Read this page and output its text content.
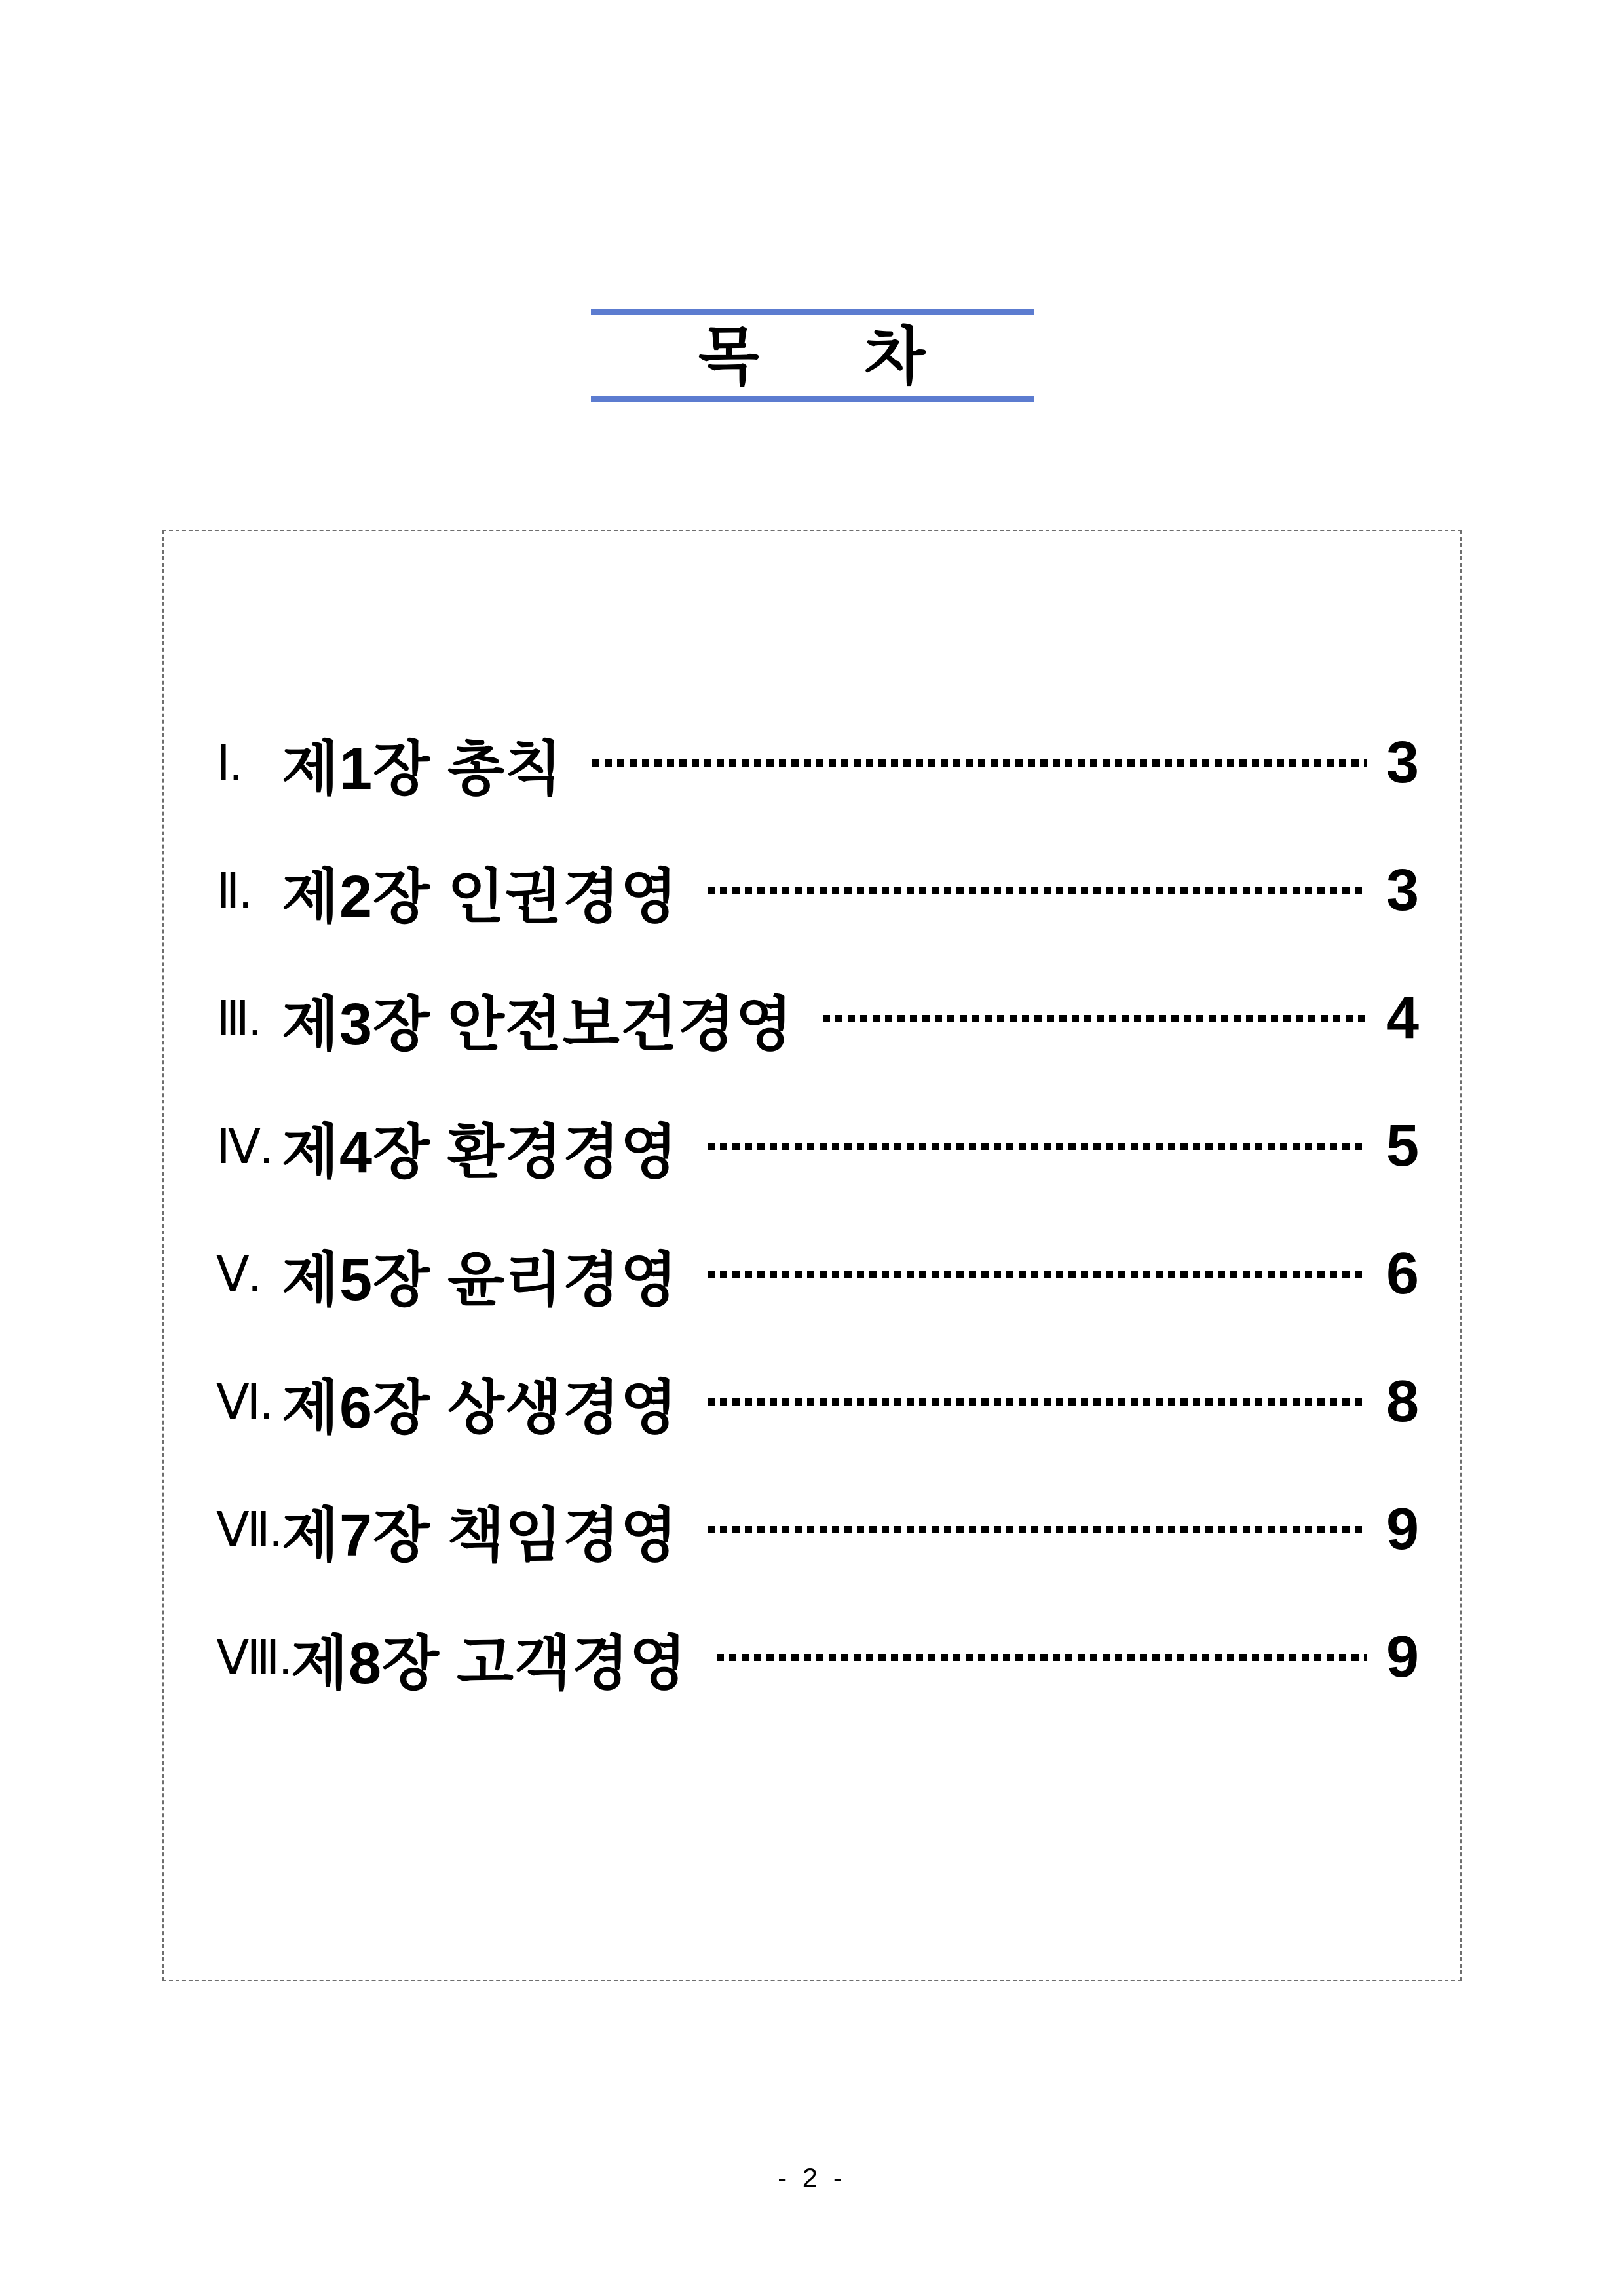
목 차
Ⅰ. 제1장 총칙	3
Ⅱ. 제2장 인권경영	3
Ⅲ. 제3장 안전보건경영	4
Ⅳ. 제4장 환경경영	5
Ⅴ. 제5장 윤리경영	6
Ⅵ. 제6장 상생경영	8
Ⅶ. 제7장 책임경영	9
Ⅷ. 제8장 고객경영	9
- 2 -
